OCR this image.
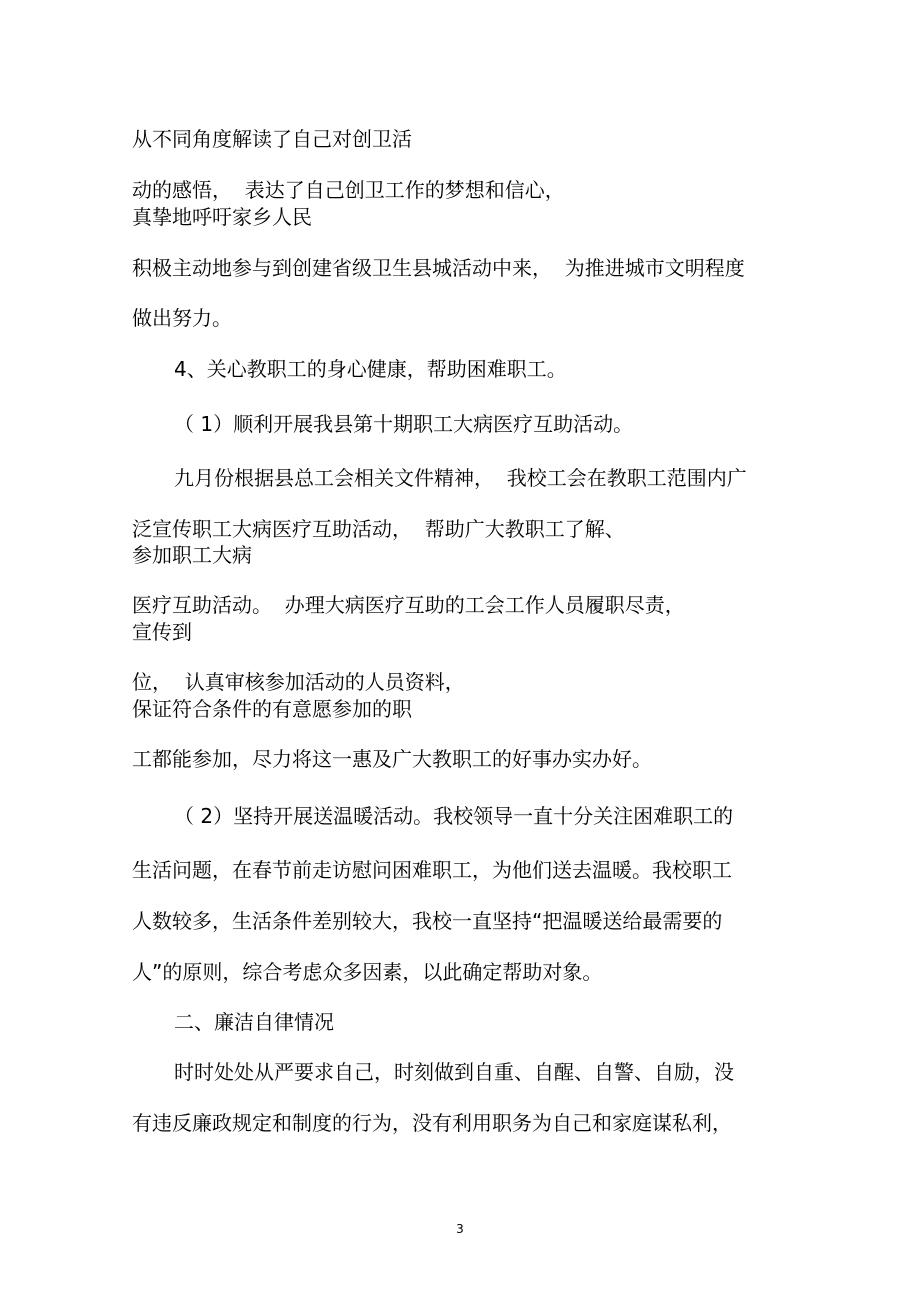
从不同角度解读了自己对创卫活

动的感悟，  表达了自己创卫工作的梦想和信心，

真挚地呼吁家乡人民

积极主动地参与到创建省级卫生县城活动中来，  为推进城市文明程度

做出努力。

4、关心教职工的身心健康，帮助困难职工。

（ 1）顺利开展我县第十期职工大病医疗互助活动。

九月份根据县总工会相关文件精神，  我校工会在教职工范围内广

泛宣传职工大病医疗互助活动，  帮助广大教职工了解、

参加职工大病

医疗互助活动。  办理大病医疗互助的工会工作人员履职尽责，

宣传到

位，  认真审核参加活动的人员资料，

保证符合条件的有意愿参加的职

工都能参加，尽力将这一惠及广大教职工的好事办实办好。

（ 2）坚持开展送温暖活动。我校领导一直十分关注困难职工的

生活问题，在春节前走访慰问困难职工，为他们送去温暖。我校职工

人数较多，生活条件差别较大，我校一直坚持“把温暖送给最需要的

人”的原则，综合考虑众多因素，以此确定帮助对象。

二、廉洁自律情况

时时处处从严要求自己，时刻做到自重、自醒、自警、自励，没

有违反廉政规定和制度的行为，没有利用职务为自己和家庭谋私利，

3
